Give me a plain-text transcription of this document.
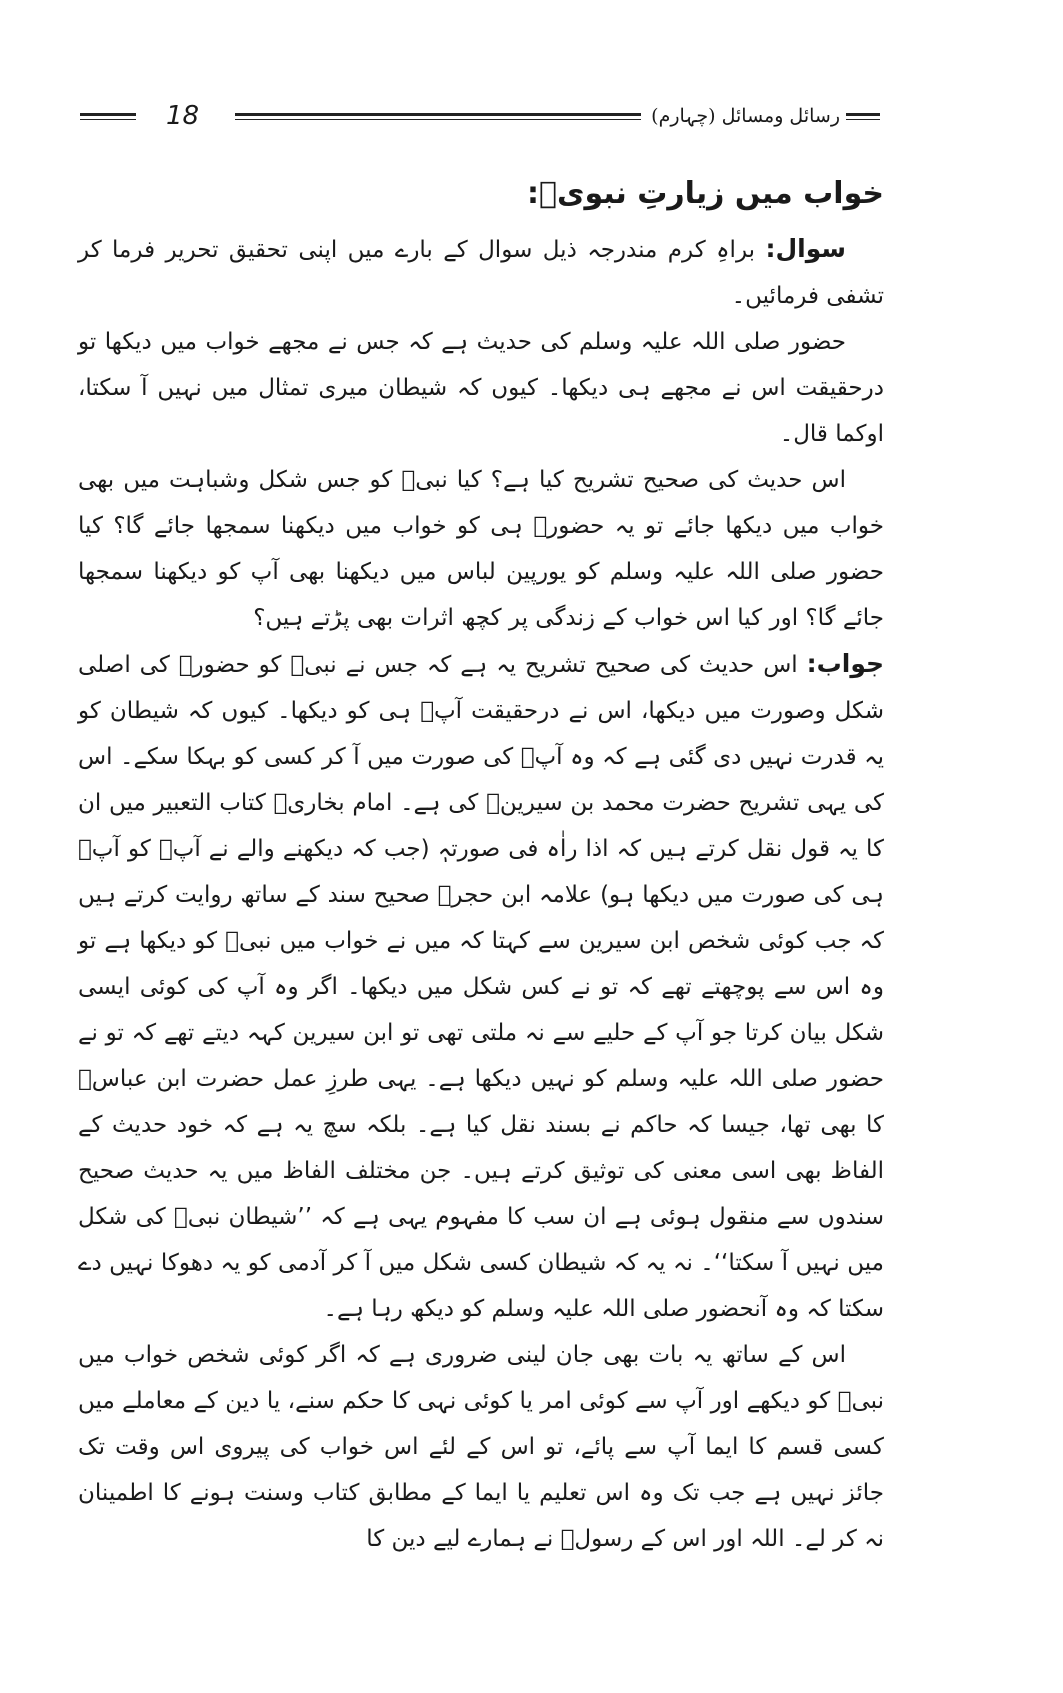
18	رسائل ومسائل (چہارم)
خواب میں زیارتِ نبویؐ:

سوال: براہِ کرم مندرجہ ذیل سوال کے بارے میں اپنی تحقیق تحریر فرما کر تشفی فرمائیں۔

حضور صلی اللہ علیہ وسلم کی حدیث ہے کہ جس نے مجھے خواب میں دیکھا تو درحقیقت اس نے مجھے ہی دیکھا۔ کیوں کہ شیطان میری تمثال میں نہیں آ سکتا، اوکما قال۔

اس حدیث کی صحیح تشریح کیا ہے؟ کیا نبیؐ کو جس شکل وشباہت میں بھی خواب میں دیکھا جائے تو یہ حضورؐ ہی کو خواب میں دیکھنا سمجھا جائے گا؟ کیا حضور صلی اللہ علیہ وسلم کو یورپین لباس میں دیکھنا بھی آپ کو دیکھنا سمجھا جائے گا؟ اور کیا اس خواب کے زندگی پر کچھ اثرات بھی پڑتے ہیں؟

جواب: اس حدیث کی صحیح تشریح یہ ہے کہ جس نے نبیؐ کو حضورؐ کی اصلی شکل وصورت میں دیکھا، اس نے درحقیقت آپؐ ہی کو دیکھا۔ کیوں کہ شیطان کو یہ قدرت نہیں دی گئی ہے کہ وہ آپؐ کی صورت میں آ کر کسی کو بہکا سکے۔ اس کی یہی تشریح حضرت محمد بن سیرینؒ کی ہے۔ امام بخاریؒ کتاب التعبیر میں ان کا یہ قول نقل کرتے ہیں کہ اذا راٰہ فی صورتہٖ (جب کہ دیکھنے والے نے آپؐ کو آپؐ ہی کی صورت میں دیکھا ہو) علامہ ابن حجرؒ صحیح سند کے ساتھ روایت کرتے ہیں کہ جب کوئی شخص ابن سیرین سے کہتا کہ میں نے خواب میں نبیؐ کو دیکھا ہے تو وہ اس سے پوچھتے تھے کہ تو نے کس شکل میں دیکھا۔ اگر وہ آپ کی کوئی ایسی شکل بیان کرتا جو آپ کے حلیے سے نہ ملتی تھی تو ابن سیرین کہہ دیتے تھے کہ تو نے حضور صلی اللہ علیہ وسلم کو نہیں دیکھا ہے۔ یہی طرزِ عمل حضرت ابن عباسؓ کا بھی تھا، جیسا کہ حاکم نے بسند نقل کیا ہے۔ بلکہ سچ یہ ہے کہ خود حدیث کے الفاظ بھی اسی معنی کی توثیق کرتے ہیں۔ جن مختلف الفاظ میں یہ حدیث صحیح سندوں سے منقول ہوئی ہے ان سب کا مفہوم یہی ہے کہ ’’شیطان نبیؐ کی شکل میں نہیں آ سکتا‘‘۔ نہ یہ کہ شیطان کسی شکل میں آ کر آدمی کو یہ دھوکا نہیں دے سکتا کہ وہ آنحضور صلی اللہ علیہ وسلم کو دیکھ رہا ہے۔

اس کے ساتھ یہ بات بھی جان لینی ضروری ہے کہ اگر کوئی شخص خواب میں نبیؐ کو دیکھے اور آپ سے کوئی امر یا کوئی نہی کا حکم سنے، یا دین کے معاملے میں کسی قسم کا ایما آپ سے پائے، تو اس کے لئے اس خواب کی پیروی اس وقت تک جائز نہیں ہے جب تک وہ اس تعلیم یا ایما کے مطابق کتاب وسنت ہونے کا اطمینان نہ کر لے۔ اللہ اور اس کے رسولؐ نے ہمارے لیے دین کا
